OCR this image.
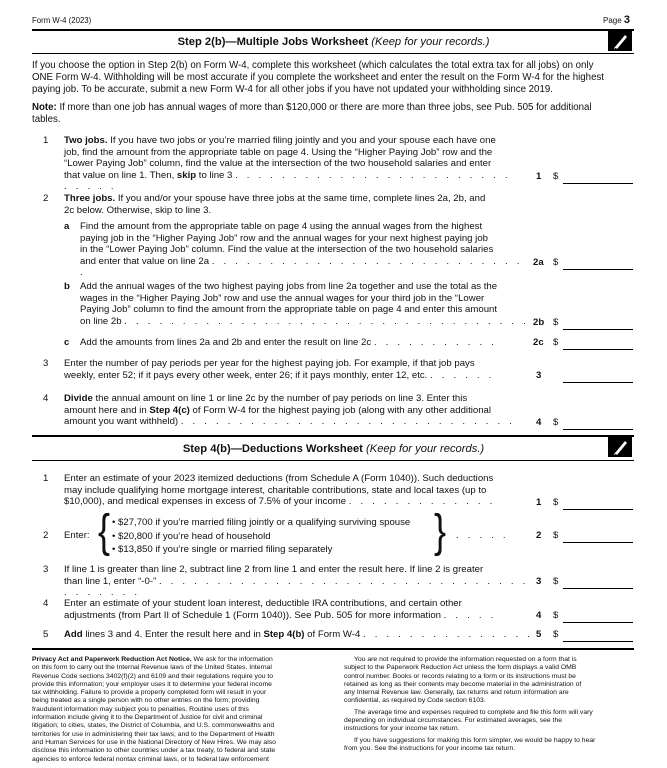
Form W-4 (2023)	Page 3
Step 2(b)—Multiple Jobs Worksheet (Keep for your records.)
If you choose the option in Step 2(b) on Form W-4, complete this worksheet (which calculates the total extra tax for all jobs) on only
ONE Form W-4. Withholding will be most accurate if you complete the worksheet and enter the result on the Form W-4 for the highest
paying job. To be accurate, submit a new Form W-4 for all other jobs if you have not updated your withholding since 2019.
Note: If more than one job has annual wages of more than $120,000 or there are more than three jobs, see Pub. 505 for additional
tables.
1 Two jobs. If you have two jobs or you’re married filing jointly and you and your spouse each have one
job, find the amount from the appropriate table on page 4. Using the “Higher Paying Job” row and the
“Lower Paying Job” column, find the value at the intersection of the two household salaries and enter
that value on line 1. Then, skip to line 3 . . . . . . . . . . . . . . . . . . . . . . . . . . . . .
1 $
2 Three jobs. If you and/or your spouse have three jobs at the same time, complete lines 2a, 2b, and
2c below. Otherwise, skip to line 3.
a Find the amount from the appropriate table on page 4 using the annual wages from the highest
paying job in the “Higher Paying Job” row and the annual wages for your next highest paying job
in the “Lower Paying Job” column. Find the value at the intersection of the two household salaries
and enter that value on line 2a . . . . . . . . . . . . . . . . . . . . . . . . . . . .
2a $
b Add the annual wages of the two highest paying jobs from line 2a together and use the total as the
wages in the “Higher Paying Job” row and use the annual wages for your third job in the “Lower
Paying Job” column to find the amount from the appropriate table on page 4 and enter this amount
on line 2b . . . . . . . . . . . . . . . . . . . . . . . . . . . . . . . . . . . 2b $
c Add the amounts from lines 2a and 2b and enter the result on line 2c . . . . . . . . . . .	2c $
3 Enter the number of pay periods per year for the highest paying job. For example, if that job pays
weekly, enter 52; if it pays every other week, enter 26; if it pays monthly, enter 12, etc. . . . . . .	3
4 Divide the annual amount on line 1 or line 2c by the number of pay periods on line 3. Enter this
amount here and in Step 4(c) of Form W-4 for the highest paying job (along with any other additional
amount you want withheld) . . . . . . . . . . . . . . . . . . . . . . . . . . . . .	4 $
Step 4(b)—Deductions Worksheet (Keep for your records.)
1 Enter an estimate of your 2023 itemized deductions (from Schedule A (Form 1040)). Such deductions
may include qualifying home mortgage interest, charitable contributions, state and local taxes (up to
$10,000), and medical expenses in excess of 7.5% of your income . . . . . . . . . . . . .	1 $
2 Enter: { • $27,700 if you’re married filing jointly or a qualifying surviving spouse
• $20,800 if you’re head of household
• $13,850 if you’re single or married filing separately	} . . . . .	2 $
3 If line 1 is greater than line 2, subtract line 2 from line 1 and enter the result here. If line 2 is greater
than line 1, enter “-0-” . . . . . . . . . . . . . . . . . . . . . . . . . . . . . . . . . . . . . . .
3 $
4 Enter an estimate of your student loan interest, deductible IRA contributions, and certain other
adjustments (from Part II of Schedule 1 (Form 1040)). See Pub. 505 for more information . . . . .	4 $
5 Add lines 3 and 4. Enter the result here and in Step 4(b) of Form W-4 . . . . . . . . . . . . . . . 5 $
Privacy Act and Paperwork Reduction Act Notice. We ask for the information
on this form to carry out the Internal Revenue laws of the United States. Internal
Revenue Code sections 3402(f)(2) and 6109 and their regulations require you to
provide this information; your employer uses it to determine your federal income
tax withholding. Failure to provide a properly completed form will result in your
being treated as a single person with no other entries on the form; providing
fraudulent information may subject you to penalties. Routine uses of this
information include giving it to the Department of Justice for civil and criminal
litigation; to cities, states, the District of Columbia, and U.S. commonwealths and
territories for use in administering their tax laws; and to the Department of Health
and Human Services for use in the National Directory of New Hires. We may also
disclose this information to other countries under a tax treaty, to federal and state
agencies to enforce federal nontax criminal laws, or to federal law enforcement
You are not required to provide the information requested on a form that is
subject to the Paperwork Reduction Act unless the form displays a valid OMB
control number. Books or records relating to a form or its instructions must be
retained as long as their contents may become material in the administration of
any Internal Revenue law. Generally, tax returns and return information are
confidential, as required by Code section 6103.
The average time and expenses required to complete and file this form will vary
depending on individual circumstances. For estimated averages, see the
instructions for your income tax return.
If you have suggestions for making this form simpler, we would be happy to hear
from you. See the instructions for your income tax return.
